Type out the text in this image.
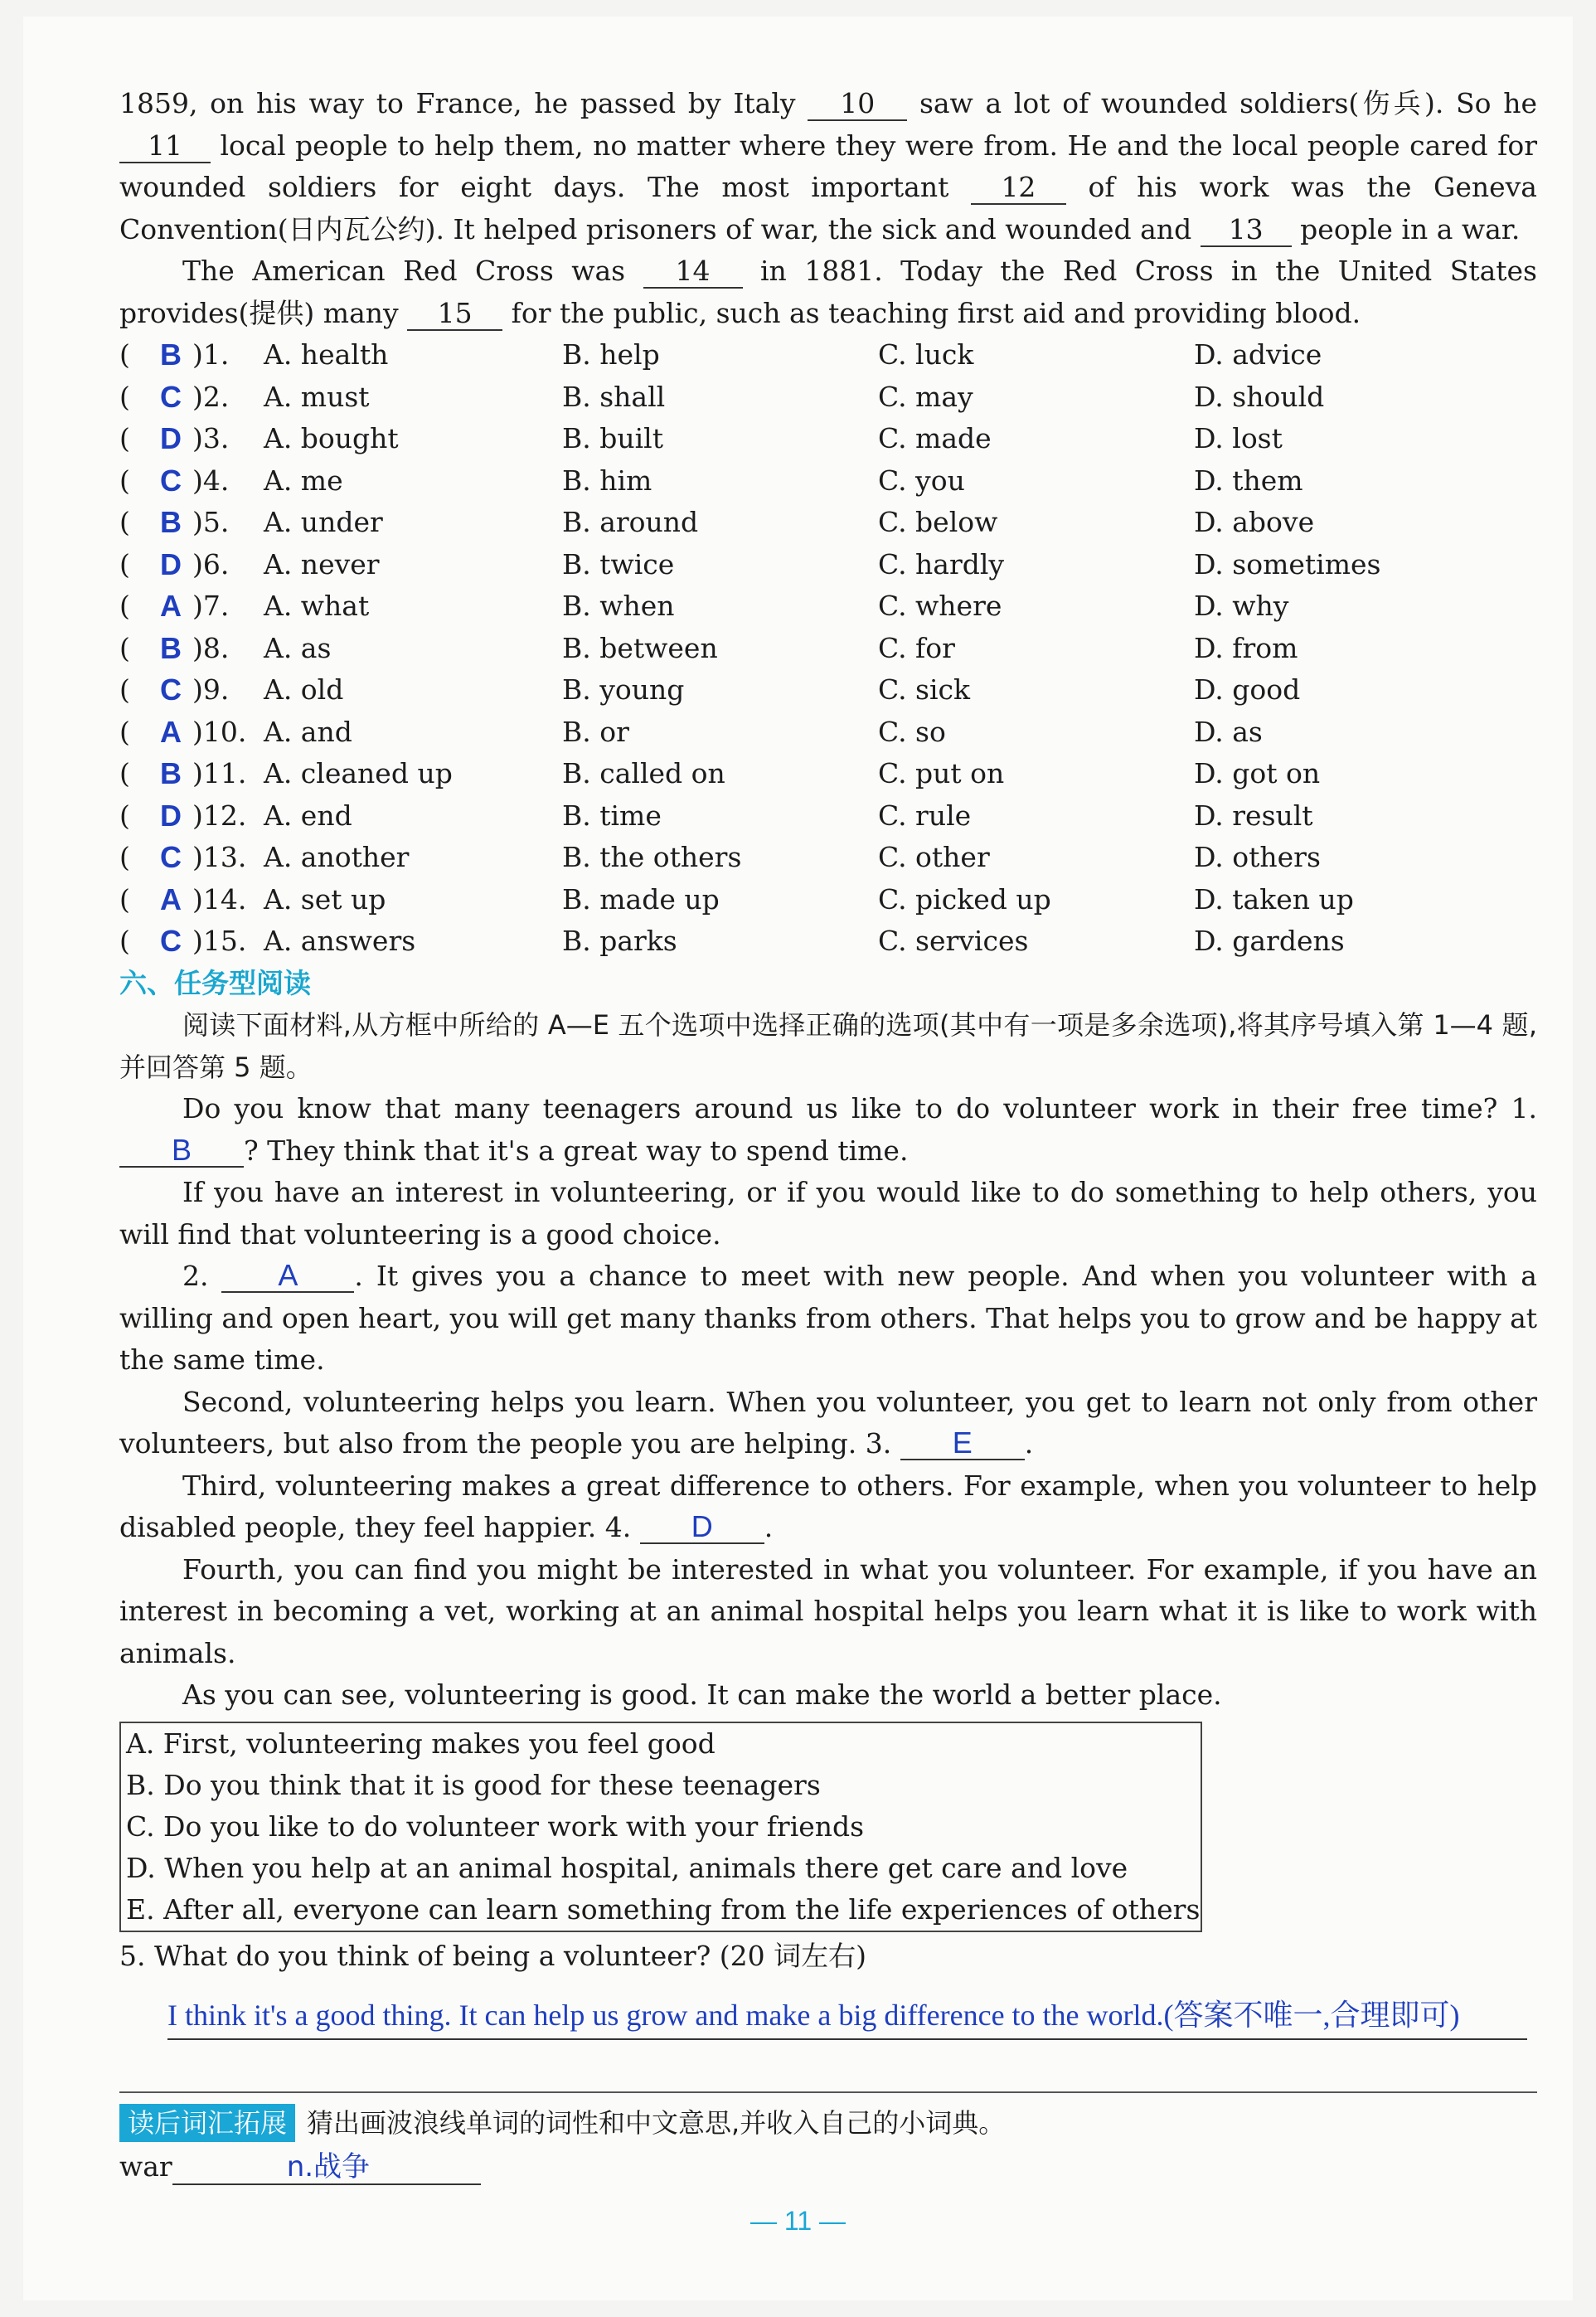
1859, on his way to France, he passed by Italy 10 saw a lot of wounded soldiers(伤兵). So he 11 local people to help them, no matter where they were from. He and the local people cared for wounded soldiers for eight days. The most important 12 of his work was the Geneva Convention(日内瓦公约). It helped prisoners of war, the sick and wounded and 13 people in a war.

The American Red Cross was 14 in 1881. Today the Red Cross in the United States provides(提供) many 15 for the public, such as teaching first aid and providing blood.

( B )1. A. health	B. help	C. luck	D. advice
( C )2. A. must	B. shall	C. may	D. should
( D )3. A. bought	B. built	C. made	D. lost
( C )4. A. me	B. him	C. you	D. them
( B )5. A. under	B. around	C. below	D. above
( D )6. A. never	B. twice	C. hardly	D. sometimes
( A )7. A. what	B. when	C. where	D. why
( B )8. A. as	B. between	C. for	D. from
( C )9. A. old	B. young	C. sick	D. good
( A )10. A. and	B. or	C. so	D. as
( B )11. A. cleaned up	B. called on	C. put on	D. got on
( D )12. A. end	B. time	C. rule	D. result
( C )13. A. another	B. the others	C. other	D. others
( A )14. A. set up	B. made up	C. picked up	D. taken up
( C )15. A. answers	B. parks	C. services	D. gardens

六、任务型阅读

阅读下面材料,从方框中所给的 A—E 五个选项中选择正确的选项(其中有一项是多余选项),将其序号填入第 1—4 题,并回答第 5 题。

Do you know that many teenagers around us like to do volunteer work in their free time? 1. B ? They think that it's a great way to spend time.

If you have an interest in volunteering, or if you would like to do something to help others, you will find that volunteering is a good choice.

2. A . It gives you a chance to meet with new people. And when you volunteer with a willing and open heart, you will get many thanks from others. That helps you to grow and be happy at the same time.

Second, volunteering helps you learn. When you volunteer, you get to learn not only from other volunteers, but also from the people you are helping. 3. E .

Third, volunteering makes a great difference to others. For example, when you volunteer to help disabled people, they feel happier. 4. D .

Fourth, you can find you might be interested in what you volunteer. For example, if you have an interest in becoming a vet, working at an animal hospital helps you learn what it is like to work with animals.

As you can see, volunteering is good. It can make the world a better place.

A. First, volunteering makes you feel good
B. Do you think that it is good for these teenagers
C. Do you like to do volunteer work with your friends
D. When you help at an animal hospital, animals there get care and love
E. After all, everyone can learn something from the life experiences of others

5. What do you think of being a volunteer? (20 词左右)

I think it's a good thing. It can help us grow and make a big difference to the world.(答案不唯一,合理即可)
读后词汇拓展 猜出画波浪线单词的词性和中文意思,并收入自己的小词典。
war	n.战争
— 11 —
